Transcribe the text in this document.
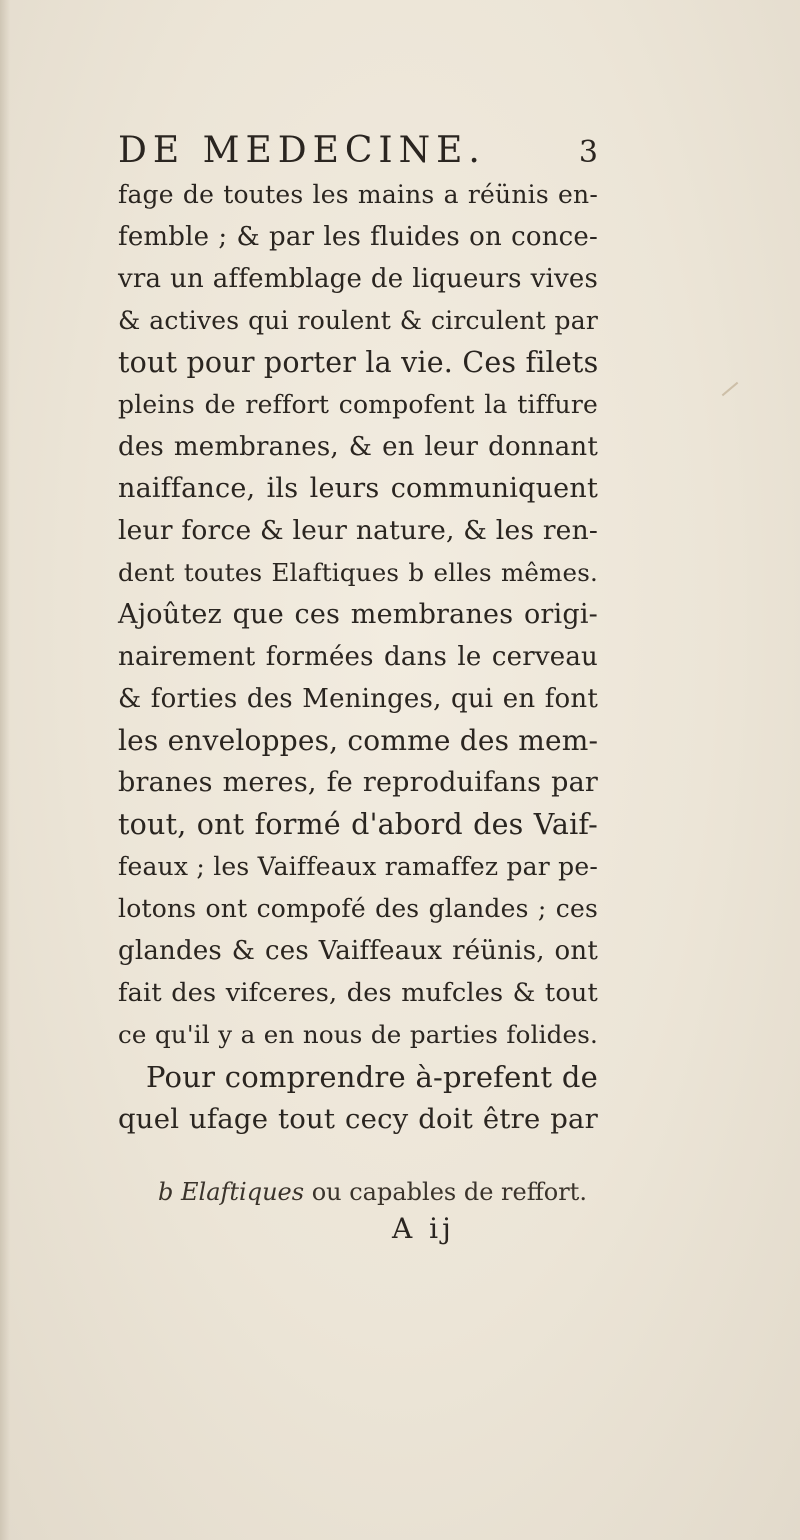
DE MEDECINE.	3
fage de toutes les mains a réünis en-
femble ; & par les fluides on conce-
vra un affemblage de liqueurs vives
& actives qui roulent & circulent par
tout pour porter la vie. Ces filets
pleins de reffort compofent la tiffure
des membranes, & en leur donnant
naiffance, ils leurs communiquent
leur force & leur nature, & les ren-
dent toutes Elaftiques b elles mêmes.
Ajoûtez que ces membranes origi-
nairement formées dans le cerveau
& forties des Meninges, qui en font
les enveloppes, comme des mem-
branes meres, fe reproduifans par
tout, ont formé d'abord des Vaif-
feaux ; les Vaiffeaux ramaffez par pe-
lotons ont compofé des glandes ; ces
glandes & ces Vaiffeaux réünis, ont
fait des vifceres, des mufcles & tout
ce qu'il y a en nous de parties folides.
Pour comprendre à-prefent de
quel ufage tout cecy doit être par
b Elaftiques ou capables de reffort.
A ij
